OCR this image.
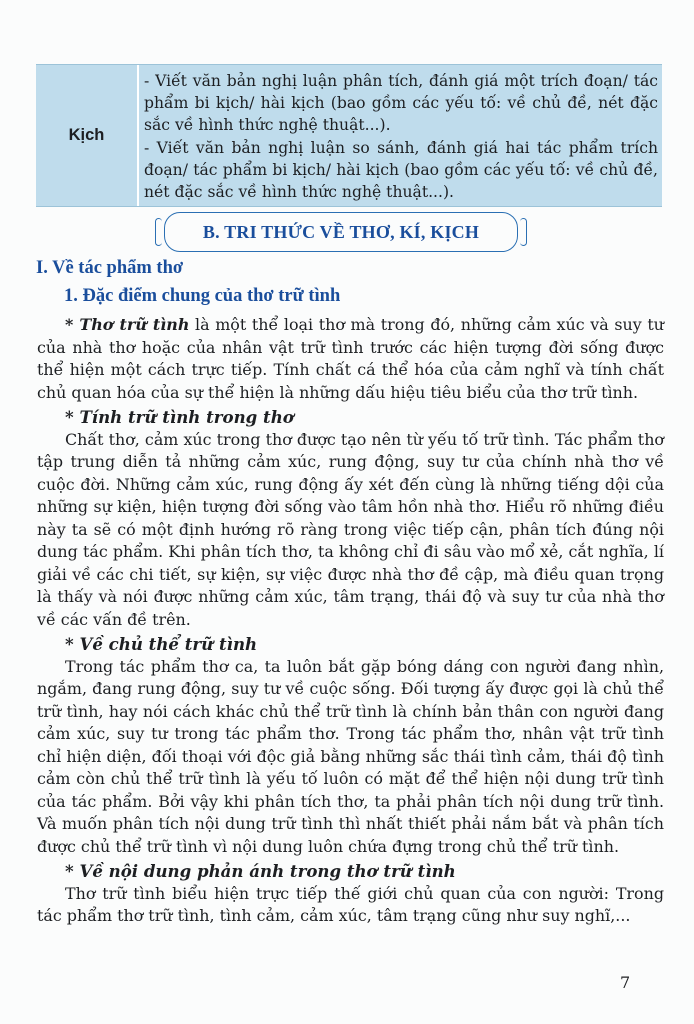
Kịch

- Viết văn bản nghị luận phân tích, đánh giá một trích đoạn/ tác phẩm bi kịch/ hài kịch (bao gồm các yếu tố: về chủ đề, nét đặc sắc về hình thức nghệ thuật...).

- Viết văn bản nghị luận so sánh, đánh giá hai tác phẩm trích đoạn/ tác phẩm bi kịch/ hài kịch (bao gồm các yếu tố: về chủ đề, nét đặc sắc về hình thức nghệ thuật...).

B. TRI THỨC VỀ THƠ, KÍ, KỊCH
I. Về tác phẩm thơ
1. Đặc điểm chung của thơ trữ tình

* Thơ trữ tình là một thể loại thơ mà trong đó, những cảm xúc và suy tư của nhà thơ hoặc của nhân vật trữ tình trước các hiện tượng đời sống được thể hiện một cách trực tiếp. Tính chất cá thể hóa của cảm nghĩ và tính chất chủ quan hóa của sự thể hiện là những dấu hiệu tiêu biểu của thơ trữ tình.

* Tính trữ tình trong thơ

Chất thơ, cảm xúc trong thơ được tạo nên từ yếu tố trữ tình. Tác phẩm thơ tập trung diễn tả những cảm xúc, rung động, suy tư của chính nhà thơ về cuộc đời. Những cảm xúc, rung động ấy xét đến cùng là những tiếng dội của những sự kiện, hiện tượng đời sống vào tâm hồn nhà thơ. Hiểu rõ những điều này ta sẽ có một định hướng rõ ràng trong việc tiếp cận, phân tích đúng nội dung tác phẩm. Khi phân tích thơ, ta không chỉ đi sâu vào mổ xẻ, cắt nghĩa, lí giải về các chi tiết, sự kiện, sự việc được nhà thơ đề cập, mà điều quan trọng là thấy và nói được những cảm xúc, tâm trạng, thái độ và suy tư của nhà thơ về các vấn đề trên.

* Về chủ thể trữ tình

Trong tác phẩm thơ ca, ta luôn bắt gặp bóng dáng con người đang nhìn, ngắm, đang rung động, suy tư về cuộc sống. Đối tượng ấy được gọi là chủ thể trữ tình, hay nói cách khác chủ thể trữ tình là chính bản thân con người đang cảm xúc, suy tư trong tác phẩm thơ. Trong tác phẩm thơ, nhân vật trữ tình chỉ hiện diện, đối thoại với độc giả bằng những sắc thái tình cảm, thái độ tình cảm còn chủ thể trữ tình là yếu tố luôn có mặt để thể hiện nội dung trữ tình của tác phẩm. Bởi vậy khi phân tích thơ, ta phải phân tích nội dung trữ tình. Và muốn phân tích nội dung trữ tình thì nhất thiết phải nắm bắt và phân tích được chủ thể trữ tình vì nội dung luôn chứa đựng trong chủ thể trữ tình.

* Về nội dung phản ánh trong thơ trữ tình

Thơ trữ tình biểu hiện trực tiếp thế giới chủ quan của con người: Trong tác phẩm thơ trữ tình, tình cảm, cảm xúc, tâm trạng cũng như suy nghĩ,...

7
